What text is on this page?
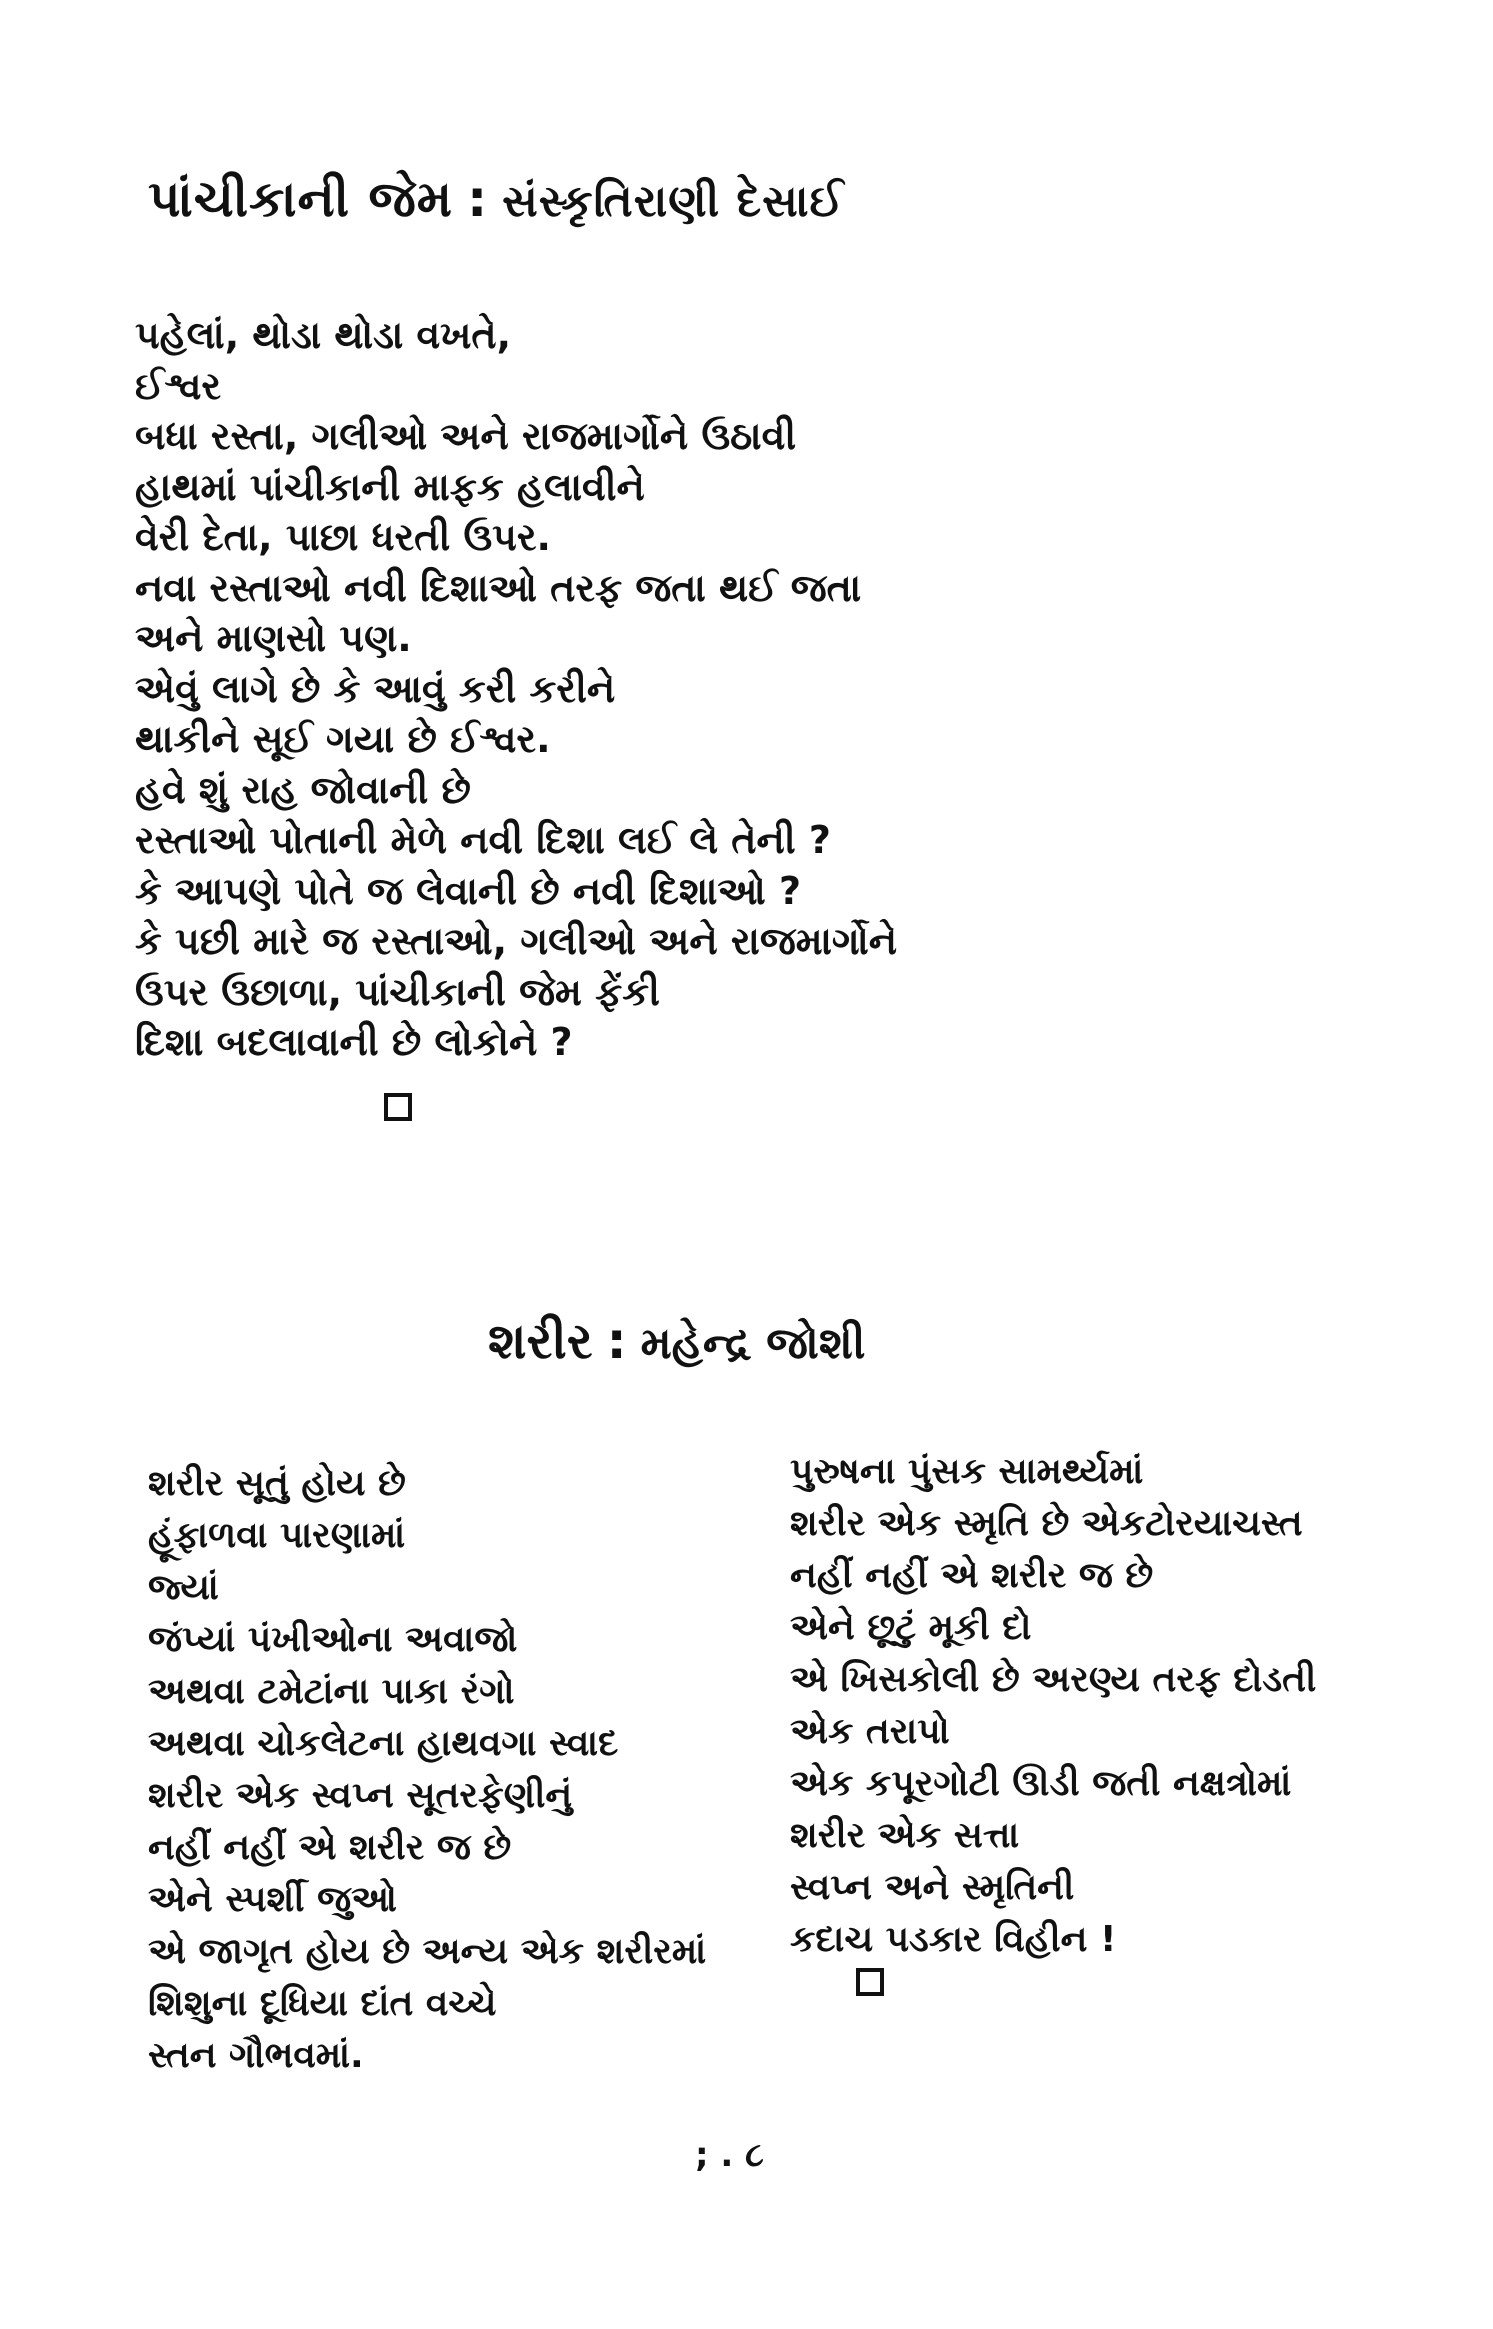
પાંચીકાની જેમ : સંસ્કૃતિરાણી દેસાઈ
પહેલાં, થોડા થોડા વખતે,
ઈશ્વર
બધા રસ્તા, ગલીઓ અને રાજમાર્ગોને ઉઠાવી
હાથમાં પાંચીકાની માફક હલાવીને
વેરી દેતા, પાછા ધરતી ઉપર.
નવા રસ્તાઓ નવી દિશાઓ તરફ જતા થઈ જતા
અને માણસો પણ.
એવું લાગે છે કે આવું કરી કરીને
થાકીને સૂઈ ગયા છે ઈશ્વર.
હવે શું રાહ જોવાની છે
રસ્તાઓ પોતાની મેળે નવી દિશા લઈ લે તેની ?
કે આપણે પોતે જ લેવાની છે નવી દિશાઓ ?
કે પછી મારે જ રસ્તાઓ, ગલીઓ અને રાજમાર્ગોને
ઉપર ઉછાળા, પાંચીકાની જેમ ફેંકી
દિશા બદલાવાની છે લોકોને ?
શરીર : મહેન્દ્ર જોશી
શરીર સૂતું હોય છે
હૂંફાળવા પારણામાં
જ્યાં
જંપ્યાં પંખીઓના અવાજો
અથવા ટમેટાંના પાકા રંગો
અથવા ચોકલેટના હાથવગા સ્વાદ
શરીર એક સ્વપ્ન સૂતરફેણીનું
નહીં નહીં એ શરીર જ છે
એને સ્પર્શી જુઓ
એ જાગૃત હોય છે અન્ય એક શરીરમાં
શિશુના દૂધિયા દાંત વચ્ચે
સ્તન ગૌભવમાં.
પુરુષના પુંસક સામર્થ્યમાં
શરીર એક સ્મૃતિ છે એકટોરયાચસ્ત
નહીં નહીં એ શરીર જ છે
એને છૂટું મૂકી દો
એ ખિસકોલી છે અરણ્ય તરફ દોડતી
એક તરાપો
એક કપૂરગોટી ઊડી જતી નક્ષત્રોમાં
શરીર એક સત્તા
સ્વપ્ન અને સ્મૃતિની
કદાચ પડકાર વિહીન !
; . ૮
